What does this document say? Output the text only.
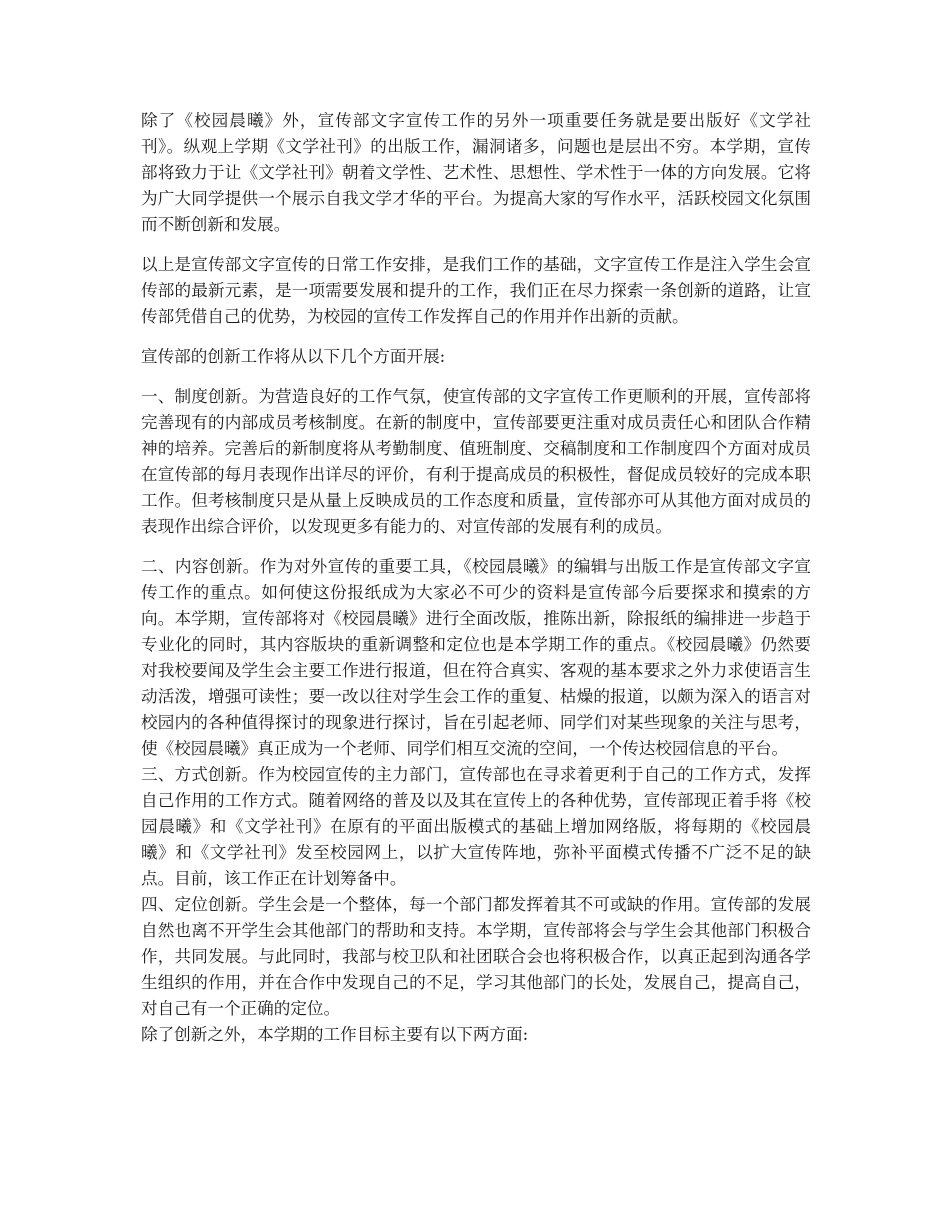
除了《校园晨曦》外，宣传部文字宣传工作的另外一项重要任务就是要出版好《文学社刊》。纵观上学期《文学社刊》的出版工作，漏洞诸多，问题也是层出不穷。本学期，宣传部将致力于让《文学社刊》朝着文学性、艺术性、思想性、学术性于一体的方向发展。它将为广大同学提供一个展示自我文学才华的平台。为提高大家的写作水平，活跃校园文化氛围而不断创新和发展。

以上是宣传部文字宣传的日常工作安排，是我们工作的基础，文字宣传工作是注入学生会宣传部的最新元素，是一项需要发展和提升的工作，我们正在尽力探索一条创新的道路，让宣传部凭借自己的优势，为校园的宣传工作发挥自己的作用并作出新的贡献。

宣传部的创新工作将从以下几个方面开展:

一、制度创新。为营造良好的工作气氛，使宣传部的文字宣传工作更顺利的开展，宣传部将完善现有的内部成员考核制度。在新的制度中，宣传部要更注重对成员责任心和团队合作精神的培养。完善后的新制度将从考勤制度、值班制度、交稿制度和工作制度四个方面对成员在宣传部的每月表现作出详尽的评价，有利于提高成员的积极性，督促成员较好的完成本职工作。但考核制度只是从量上反映成员的工作态度和质量，宣传部亦可从其他方面对成员的表现作出综合评价，以发现更多有能力的、对宣传部的发展有利的成员。

二、内容创新。作为对外宣传的重要工具，《校园晨曦》的编辑与出版工作是宣传部文字宣传工作的重点。如何使这份报纸成为大家必不可少的资料是宣传部今后要探求和摸索的方向。本学期，宣传部将对《校园晨曦》进行全面改版，推陈出新，除报纸的编排进一步趋于专业化的同时，其内容版块的重新调整和定位也是本学期工作的重点。《校园晨曦》仍然要对我校要闻及学生会主要工作进行报道，但在符合真实、客观的基本要求之外力求使语言生动活泼，增强可读性；要一改以往对学生会工作的重复、枯燥的报道，以颇为深入的语言对校园内的各种值得探讨的现象进行探讨，旨在引起老师、同学们对某些现象的关注与思考，使《校园晨曦》真正成为一个老师、同学们相互交流的空间，一个传达校园信息的平台。

三、方式创新。作为校园宣传的主力部门，宣传部也在寻求着更利于自己的工作方式，发挥自己作用的工作方式。随着网络的普及以及其在宣传上的各种优势，宣传部现正着手将《校园晨曦》和《文学社刊》在原有的平面出版模式的基础上增加网络版，将每期的《校园晨曦》和《文学社刊》发至校园网上，以扩大宣传阵地，弥补平面模式传播不广泛不足的缺点。目前，该工作正在计划筹备中。

四、定位创新。学生会是一个整体，每一个部门都发挥着其不可或缺的作用。宣传部的发展自然也离不开学生会其他部门的帮助和支持。本学期，宣传部将会与学生会其他部门积极合作，共同发展。与此同时，我部与校卫队和社团联合会也将积极合作，以真正起到沟通各学生组织的作用，并在合作中发现自己的不足，学习其他部门的长处，发展自己，提高自己，对自己有一个正确的定位。

除了创新之外，本学期的工作目标主要有以下两方面:
